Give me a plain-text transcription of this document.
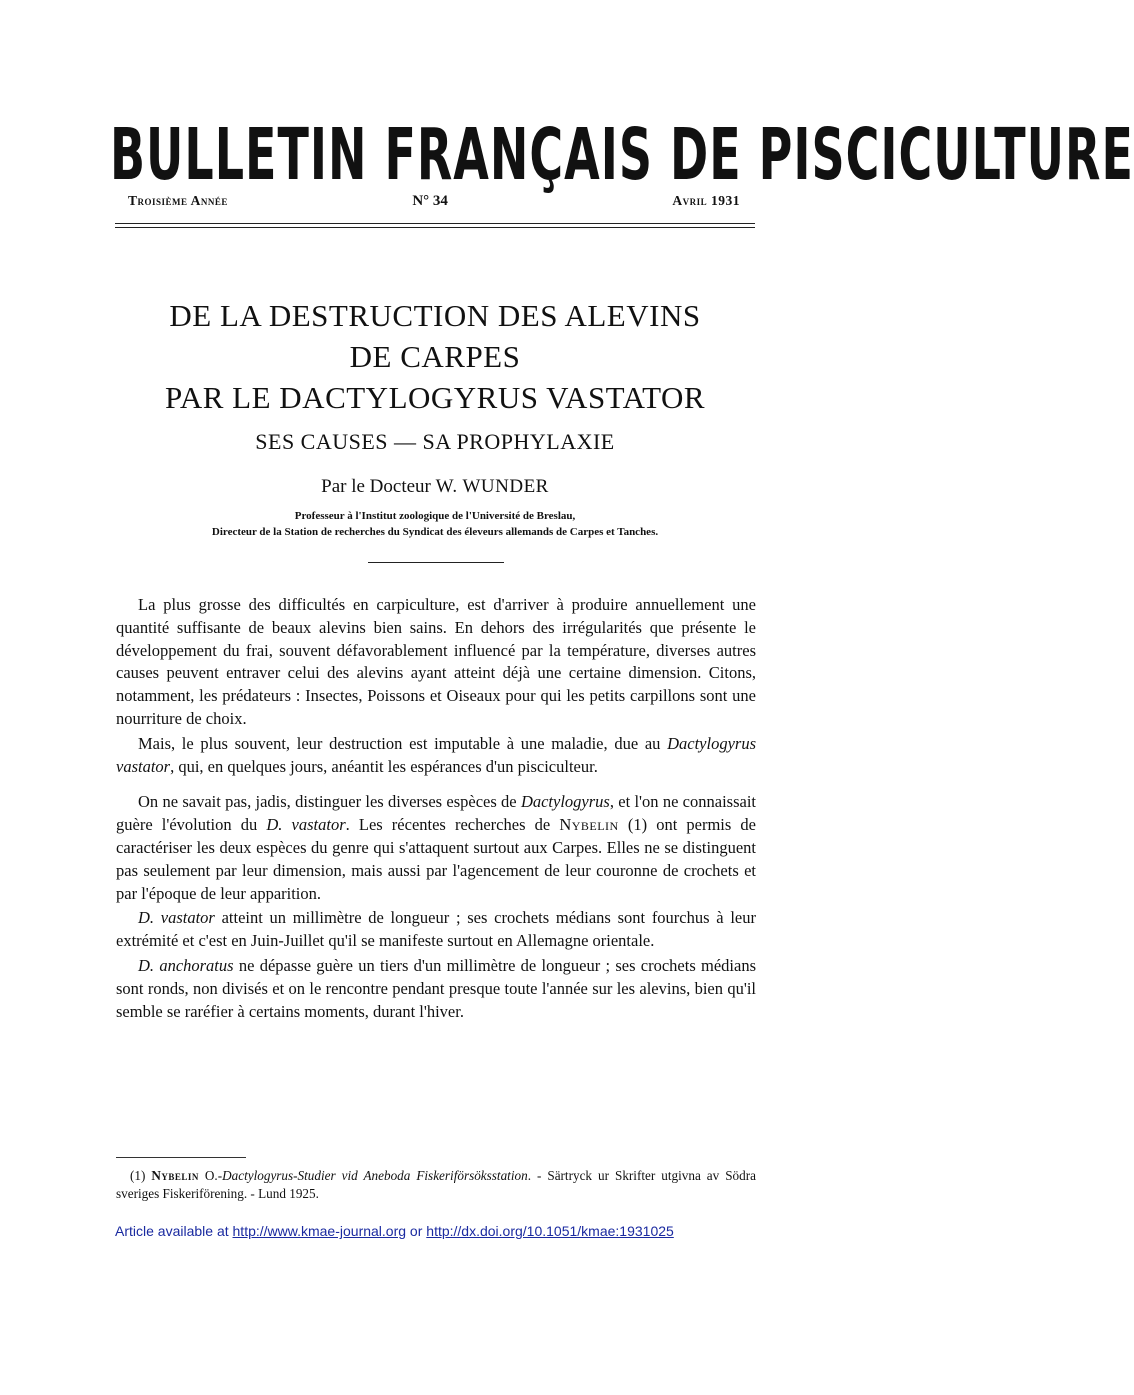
BULLETIN FRANÇAIS DE PISCICULTURE
Troisième Année	N° 34	Avril 1931
DE LA DESTRUCTION DES ALEVINS
DE CARPES
PAR LE DACTYLOGYRUS VASTATOR
SES CAUSES — SA PROPHYLAXIE
Par le Docteur W. WUNDER
Professeur à l'Institut zoologique de l'Université de Breslau,
Directeur de la Station de recherches du Syndicat des éleveurs allemands de Carpes et Tanches.

La plus grosse des difficultés en carpiculture, est d'arriver à produire annuellement une quantité suffisante de beaux alevins bien sains. En dehors des irrégularités que présente le développement du frai, souvent défavorablement influencé par la température, diverses autres causes peuvent entraver celui des alevins ayant atteint déjà une certaine dimension. Citons, notamment, les prédateurs : Insectes, Poissons et Oiseaux pour qui les petits carpillons sont une nourriture de choix.

Mais, le plus souvent, leur destruction est imputable à une maladie, due au Dactylogyrus vastator, qui, en quelques jours, anéantit les espérances d'un pisciculteur.

On ne savait pas, jadis, distinguer les diverses espèces de Dactylogyrus, et l'on ne connaissait guère l'évolution du D. vastator. Les récentes recherches de Nybelin (1) ont permis de caractériser les deux espèces du genre qui s'attaquent surtout aux Carpes. Elles ne se distinguent pas seulement par leur dimension, mais aussi par l'agencement de leur couronne de crochets et par l'époque de leur apparition.

D. vastator atteint un millimètre de longueur ; ses crochets médians sont fourchus à leur extrémité et c'est en Juin-Juillet qu'il se manifeste surtout en Allemagne orientale.

D. anchoratus ne dépasse guère un tiers d'un millimètre de longueur ; ses crochets médians sont ronds, non divisés et on le rencontre pendant presque toute l'année sur les alevins, bien qu'il semble se raréfier à certains moments, durant l'hiver.

(1) Nybelin O.-Dactylogyrus-Studier vid Aneboda Fiskeriförsöksstation. - Särtryck ur Skrifter utgivna av Södra sveriges Fiskeriförening. - Lund 1925.

Article available at http://www.kmae-journal.org or http://dx.doi.org/10.1051/kmae:1931025
